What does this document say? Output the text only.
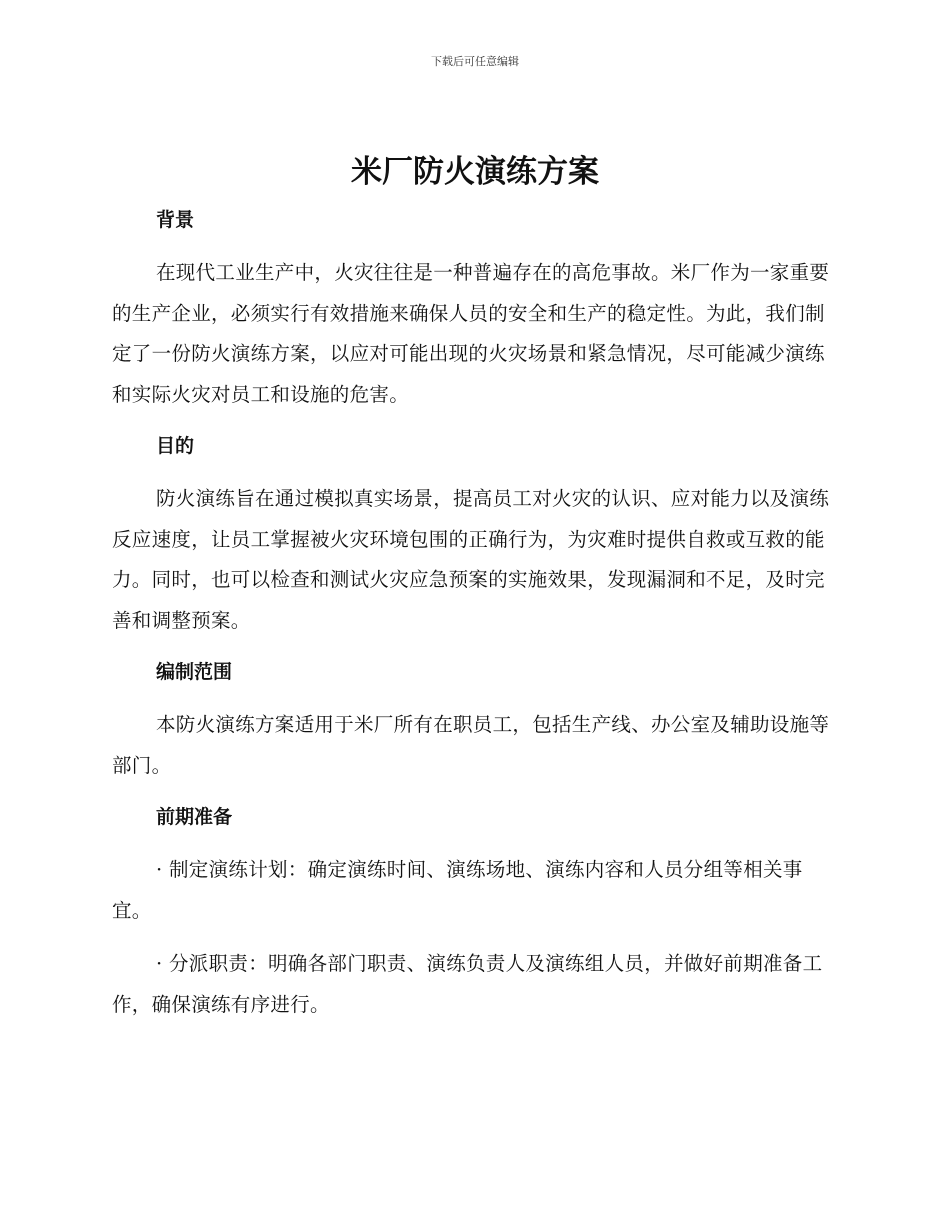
下载后可任意编辑
米厂防火演练方案
背景

在现代工业生产中，火灾往往是一种普遍存在的高危事故。米厂作为一家重要的生产企业，必须实行有效措施来确保人员的安全和生产的稳定性。为此，我们制定了一份防火演练方案，以应对可能出现的火灾场景和紧急情况，尽可能减少演练和实际火灾对员工和设施的危害。

目的

防火演练旨在通过模拟真实场景，提高员工对火灾的认识、应对能力以及演练反应速度，让员工掌握被火灾环境包围的正确行为，为灾难时提供自救或互救的能力。同时，也可以检查和测试火灾应急预案的实施效果，发现漏洞和不足，及时完善和调整预案。

编制范围

本防火演练方案适用于米厂所有在职员工，包括生产线、办公室及辅助设施等部门。

前期准备

· 制定演练计划：确定演练时间、演练场地、演练内容和人员分组等相关事宜。

· 分派职责：明确各部门职责、演练负责人及演练组人员，并做好前期准备工作，确保演练有序进行。
